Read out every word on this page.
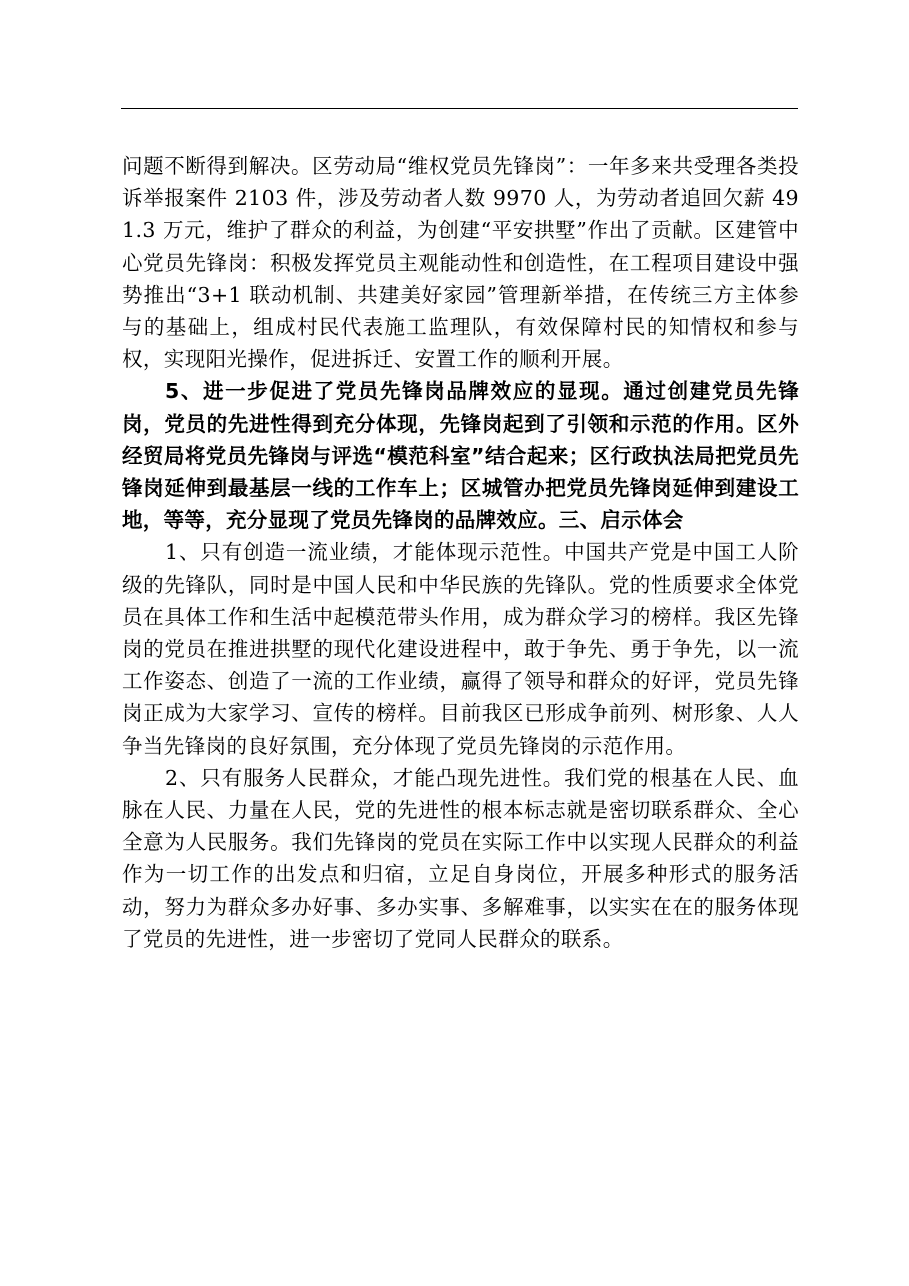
问题不断得到解决。区劳动局“维权党员先锋岗”：一年多来共受理各类投诉举报案件 2103 件，涉及劳动者人数 9970 人，为劳动者追回欠薪 491.3 万元，维护了群众的利益，为创建“平安拱墅”作出了贡献。区建管中心党员先锋岗：积极发挥党员主观能动性和创造性，在工程项目建设中强势推出“3+1 联动机制、共建美好家园”管理新举措，在传统三方主体参与的基础上，组成村民代表施工监理队，有效保障村民的知情权和参与权，实现阳光操作，促进拆迁、安置工作的顺利开展。

5、进一步促进了党员先锋岗品牌效应的显现。通过创建党员先锋岗，党员的先进性得到充分体现，先锋岗起到了引领和示范的作用。区外经贸局将党员先锋岗与评选“模范科室”结合起来；区行政执法局把党员先锋岗延伸到最基层一线的工作车上；区城管办把党员先锋岗延伸到建设工地，等等，充分显现了党员先锋岗的品牌效应。三、启示体会

1、只有创造一流业绩，才能体现示范性。中国共产党是中国工人阶级的先锋队，同时是中国人民和中华民族的先锋队。党的性质要求全体党员在具体工作和生活中起模范带头作用，成为群众学习的榜样。我区先锋岗的党员在推进拱墅的现代化建设进程中，敢于争先、勇于争先，以一流工作姿态、创造了一流的工作业绩，赢得了领导和群众的好评，党员先锋岗正成为大家学习、宣传的榜样。目前我区已形成争前列、树形象、人人争当先锋岗的良好氛围，充分体现了党员先锋岗的示范作用。

2、只有服务人民群众，才能凸现先进性。我们党的根基在人民、血脉在人民、力量在人民，党的先进性的根本标志就是密切联系群众、全心全意为人民服务。我们先锋岗的党员在实际工作中以实现人民群众的利益作为一切工作的出发点和归宿，立足自身岗位，开展多种形式的服务活动，努力为群众多办好事、多办实事、多解难事，以实实在在的服务体现了党员的先进性，进一步密切了党同人民群众的联系。
